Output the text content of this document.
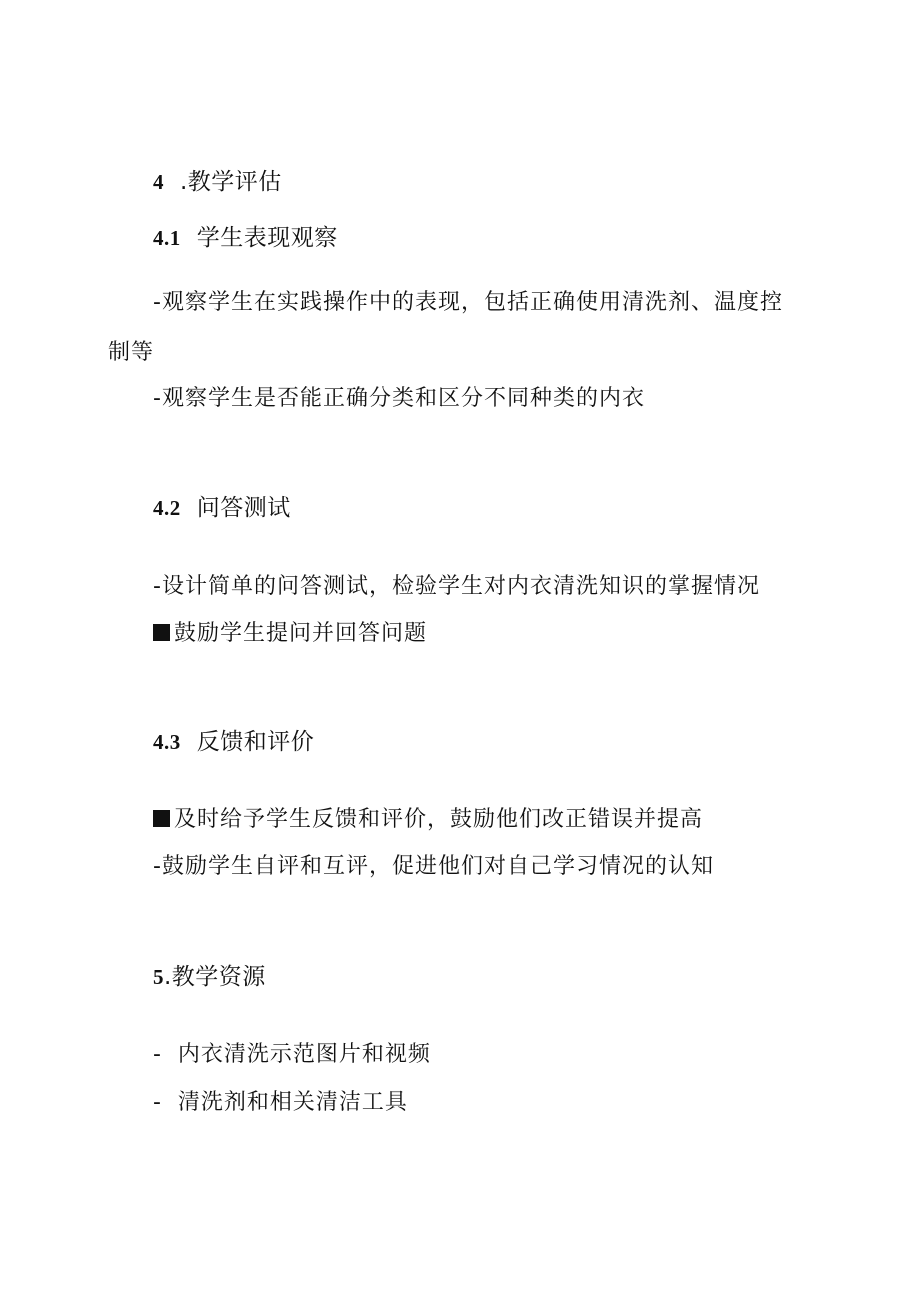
4 .教学评估
4.1 学生表现观察
-观察学生在实践操作中的表现，包括正确使用清洗剂、温度控
制等
-观察学生是否能正确分类和区分不同种类的内衣
4.2 问答测试
-设计简单的问答测试，检验学生对内衣清洗知识的掌握情况
鼓励学生提问并回答问题
4.3 反馈和评价
及时给予学生反馈和评价，鼓励他们改正错误并提高
-鼓励学生自评和互评，促进他们对自己学习情况的认知
5.教学资源
-  内衣清洗示范图片和视频
-  清洗剂和相关清洁工具
